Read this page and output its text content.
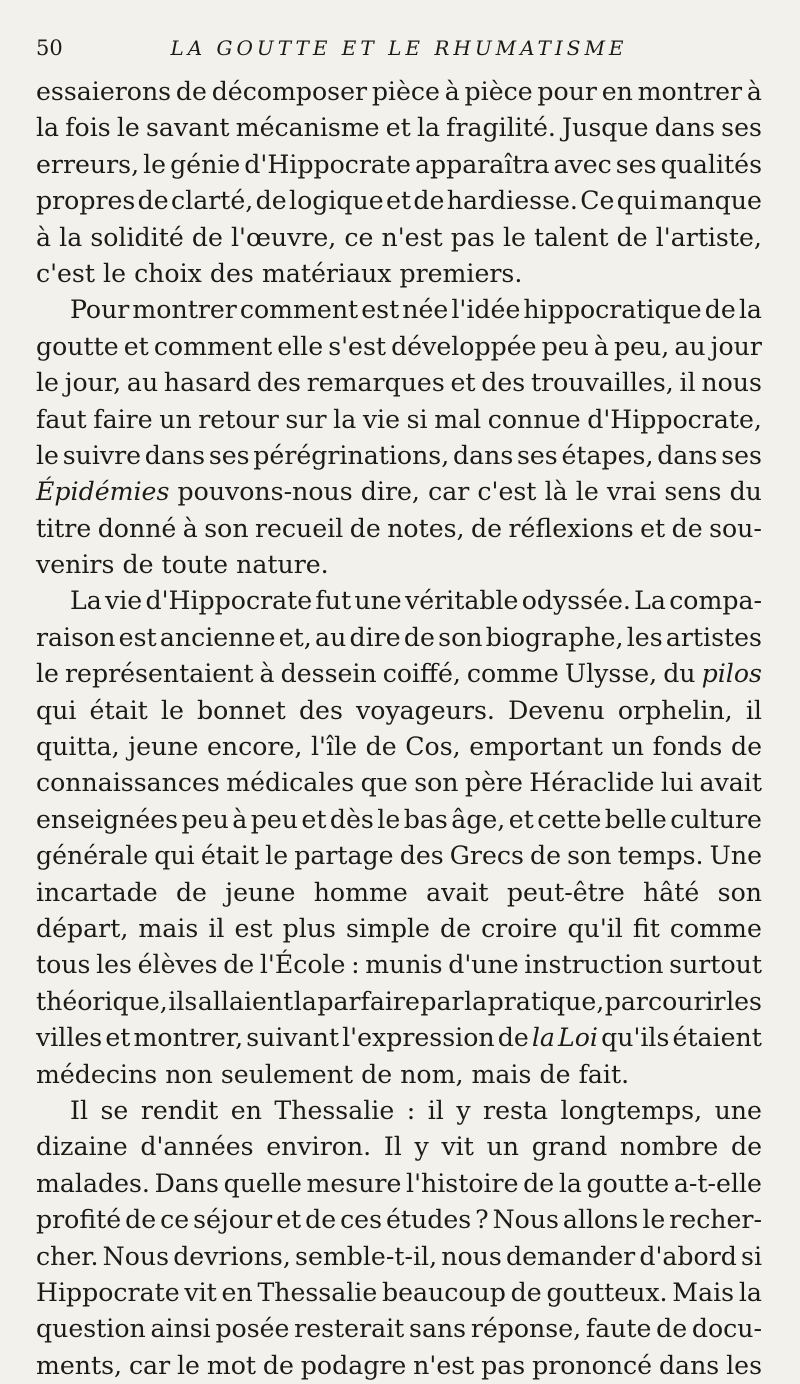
50	LA GOUTTE ET LE RHUMATISME
essaierons de décomposer pièce à pièce pour en montrer à
la fois le savant mécanisme et la fragilité. Jusque dans ses
erreurs, le génie d'Hippocrate apparaîtra avec ses qualités
propres de clarté, de logique et de hardiesse. Ce qui manque
à la solidité de l'œuvre, ce n'est pas le talent de l'artiste,
c'est le choix des matériaux premiers.
Pour montrer comment est née l'idée hippocratique de la
goutte et comment elle s'est développée peu à peu, au jour
le jour, au hasard des remarques et des trouvailles, il nous
faut faire un retour sur la vie si mal connue d'Hippocrate,
le suivre dans ses pérégrinations, dans ses étapes, dans ses
Épidémies pouvons-nous dire, car c'est là le vrai sens du
titre donné à son recueil de notes, de réflexions et de sou-
venirs de toute nature.
La vie d'Hippocrate fut une véritable odyssée. La compa-
raison est ancienne et, au dire de son biographe, les artistes
le représentaient à dessein coiffé, comme Ulysse, du pilos
qui était le bonnet des voyageurs. Devenu orphelin, il
quitta, jeune encore, l'île de Cos, emportant un fonds de
connaissances médicales que son père Héraclide lui avait
enseignées peu à peu et dès le bas âge, et cette belle culture
générale qui était le partage des Grecs de son temps. Une
incartade de jeune homme avait peut-être hâté son
départ, mais il est plus simple de croire qu'il fit comme
tous les élèves de l'École : munis d'une instruction surtout
théorique, ils allaient la parfaire par la pratique, parcourir les
villes et montrer, suivant l'expression de la Loi qu'ils étaient
médecins non seulement de nom, mais de fait.
Il se rendit en Thessalie : il y resta longtemps, une
dizaine d'années environ. Il y vit un grand nombre de
malades. Dans quelle mesure l'histoire de la goutte a-t-elle
profité de ce séjour et de ces études ? Nous allons le recher-
cher. Nous devrions, semble-t-il, nous demander d'abord si
Hippocrate vit en Thessalie beaucoup de goutteux. Mais la
question ainsi posée resterait sans réponse, faute de docu-
ments, car le mot de podagre n'est pas prononcé dans les
